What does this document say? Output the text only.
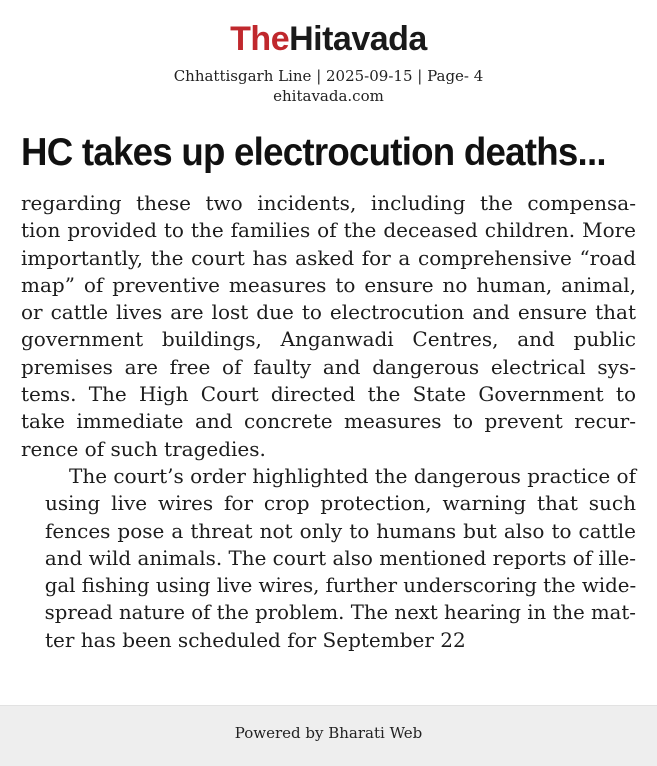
TheHitavada
Chhattisgarh Line | 2025-09-15 | Page- 4
ehitavada.com
HC takes up electrocution deaths...

regarding these two incidents, including the compensa-
tion provided to the families of the deceased children. More
importantly, the court has asked for a comprehensive “road
map” of preventive measures to ensure no human, animal,
or cattle lives are lost due to electrocution and ensure that
government buildings, Anganwadi Centres, and public
premises are free of faulty and dangerous electrical sys-
tems. The High Court directed the State Government to
take immediate and concrete measures to prevent recur-
rence of such tragedies.

The court’s order highlighted the dangerous practice of
using live wires for crop protection, warning that such
fences pose a threat not only to humans but also to cattle
and wild animals. The court also mentioned reports of ille-
gal fishing using live wires, further underscoring the wide-
spread nature of the problem. The next hearing in the mat-
ter has been scheduled for September 22

Powered by Bharati Web
